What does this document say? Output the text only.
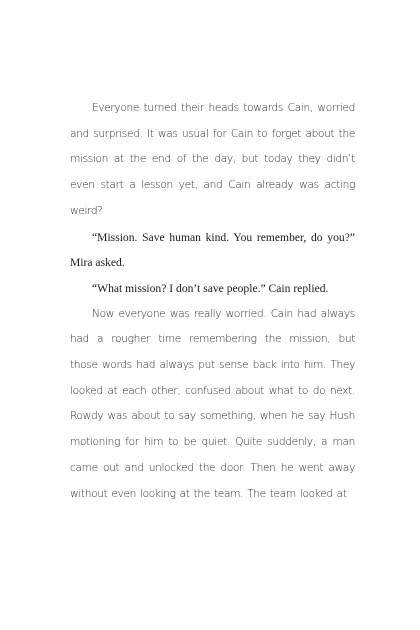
Everyone turned their heads towards Cain, worried and surprised. It was usual for Cain to forget about the mission at the end of the day, but today they didn’t even start a lesson yet, and Cain already was acting weird?

“Mission. Save human kind. You remember, do you?” Mira asked.

“What mission? I don’t save people.” Cain replied.

Now everyone was really worried. Cain had always had a rougher time remembering the mission, but those words had always put sense back into him. They looked at each other, confused about what to do next. Rowdy was about to say something, when he say Hush motioning for him to be quiet. Quite suddenly, a man came out and unlocked the door. Then he went away without even looking at the team. The team looked at
